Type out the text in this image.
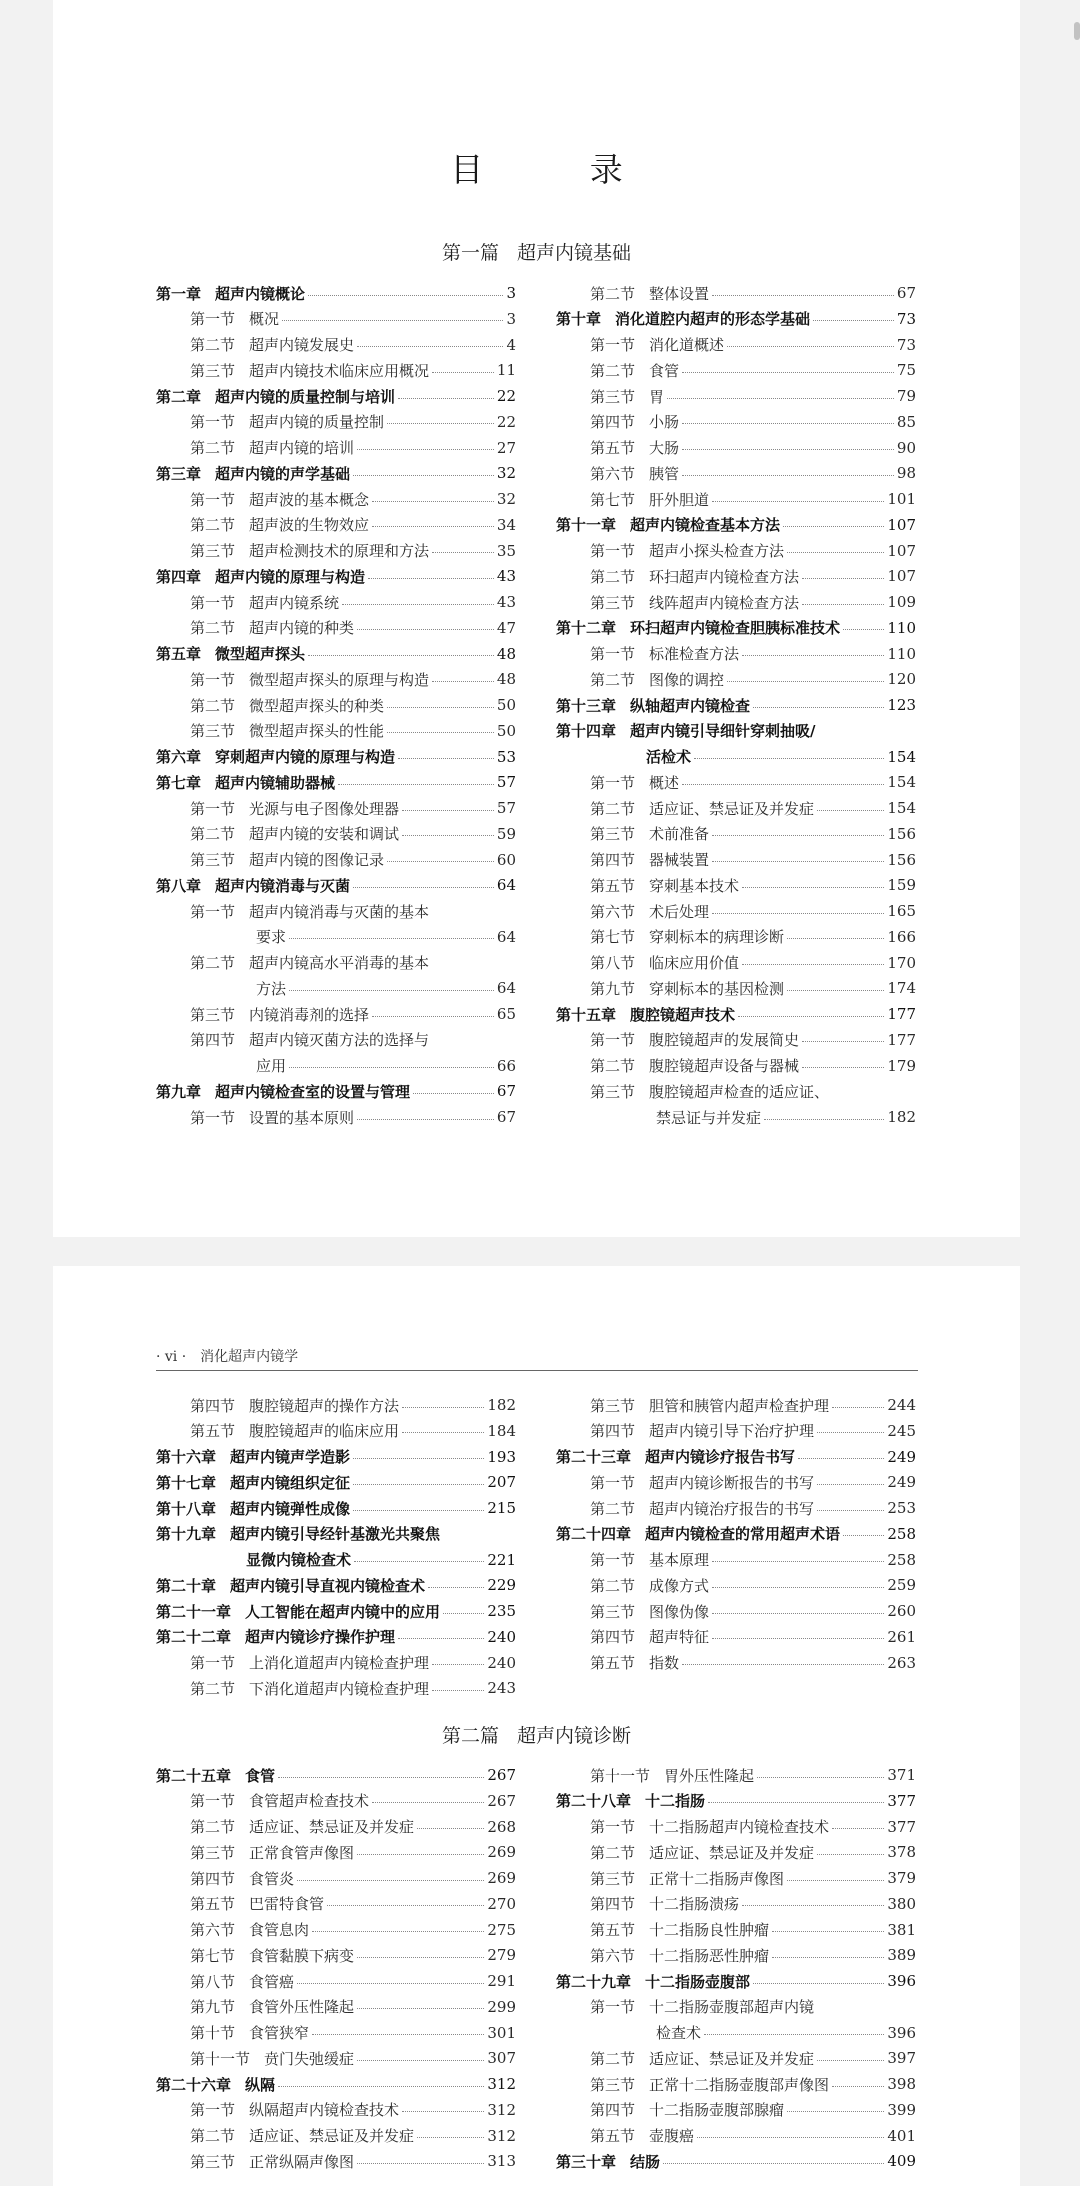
目 录
第一篇 超声内镜基础
第一章 超声内镜概论	3
第一节 概况	3
第二节 超声内镜发展史	4
第三节 超声内镜技术临床应用概况	11
第二章 超声内镜的质量控制与培训	22
第一节 超声内镜的质量控制	22
第二节 超声内镜的培训	27
第三章 超声内镜的声学基础	32
第一节 超声波的基本概念	32
第二节 超声波的生物效应	34
第三节 超声检测技术的原理和方法	35
第四章 超声内镜的原理与构造	43
第一节 超声内镜系统	43
第二节 超声内镜的种类	47
第五章 微型超声探头	48
第一节 微型超声探头的原理与构造	48
第二节 微型超声探头的种类	50
第三节 微型超声探头的性能	50
第六章 穿刺超声内镜的原理与构造	53
第七章 超声内镜辅助器械	57
第一节 光源与电子图像处理器	57
第二节 超声内镜的安装和调试	59
第三节 超声内镜的图像记录	60
第八章 超声内镜消毒与灭菌	64
第一节 超声内镜消毒与灭菌的基本
要求	64
第二节 超声内镜高水平消毒的基本
方法	64
第三节 内镜消毒剂的选择	65
第四节 超声内镜灭菌方法的选择与
应用	66
第九章 超声内镜检查室的设置与管理	67
第一节 设置的基本原则	67
第二节 整体设置	67
第十章 消化道腔内超声的形态学基础	73
第一节 消化道概述	73
第二节 食管	75
第三节 胃	79
第四节 小肠	85
第五节 大肠	90
第六节 胰管	98
第七节 肝外胆道	101
第十一章 超声内镜检查基本方法	107
第一节 超声小探头检查方法	107
第二节 环扫超声内镜检查方法	107
第三节 线阵超声内镜检查方法	109
第十二章 环扫超声内镜检查胆胰标准技术	110
第一节 标准检查方法	110
第二节 图像的调控	120
第十三章 纵轴超声内镜检查	123
第十四章 超声内镜引导细针穿刺抽吸/
活检术	154
第一节 概述	154
第二节 适应证、禁忌证及并发症	154
第三节 术前准备	156
第四节 器械装置	156
第五节 穿刺基本技术	159
第六节 术后处理	165
第七节 穿刺标本的病理诊断	166
第八节 临床应用价值	170
第九节 穿刺标本的基因检测	174
第十五章 腹腔镜超声技术	177
第一节 腹腔镜超声的发展简史	177
第二节 腹腔镜超声设备与器械	179
第三节 腹腔镜超声检查的适应证、
禁忌证与并发症	182
· vi ·　消化超声内镜学
第四节 腹腔镜超声的操作方法	182
第五节 腹腔镜超声的临床应用	184
第十六章 超声内镜声学造影	193
第十七章 超声内镜组织定征	207
第十八章 超声内镜弹性成像	215
第十九章 超声内镜引导经针基激光共聚焦
显微内镜检查术	221
第二十章 超声内镜引导直视内镜检查术	229
第二十一章 人工智能在超声内镜中的应用	235
第二十二章 超声内镜诊疗操作护理	240
第一节 上消化道超声内镜检查护理	240
第二节 下消化道超声内镜检查护理	243
第三节 胆管和胰管内超声检查护理	244
第四节 超声内镜引导下治疗护理	245
第二十三章 超声内镜诊疗报告书写	249
第一节 超声内镜诊断报告的书写	249
第二节 超声内镜治疗报告的书写	253
第二十四章 超声内镜检查的常用超声术语	258
第一节 基本原理	258
第二节 成像方式	259
第三节 图像伪像	260
第四节 超声特征	261
第五节 指数	263
第二篇 超声内镜诊断
第二十五章 食管	267
第一节 食管超声检查技术	267
第二节 适应证、禁忌证及并发症	268
第三节 正常食管声像图	269
第四节 食管炎	269
第五节 巴雷特食管	270
第六节 食管息肉	275
第七节 食管黏膜下病变	279
第八节 食管癌	291
第九节 食管外压性隆起	299
第十节 食管狭窄	301
第十一节 贲门失弛缓症	307
第二十六章 纵隔	312
第一节 纵隔超声内镜检查技术	312
第二节 适应证、禁忌证及并发症	312
第三节 正常纵隔声像图	313
第十一节 胃外压性隆起	371
第二十八章 十二指肠	377
第一节 十二指肠超声内镜检查技术	377
第二节 适应证、禁忌证及并发症	378
第三节 正常十二指肠声像图	379
第四节 十二指肠溃疡	380
第五节 十二指肠良性肿瘤	381
第六节 十二指肠恶性肿瘤	389
第二十九章 十二指肠壶腹部	396
第一节 十二指肠壶腹部超声内镜
检查术	396
第二节 适应证、禁忌证及并发症	397
第三节 正常十二指肠壶腹部声像图	398
第四节 十二指肠壶腹部腺瘤	399
第五节 壶腹癌	401
第三十章 结肠	409
